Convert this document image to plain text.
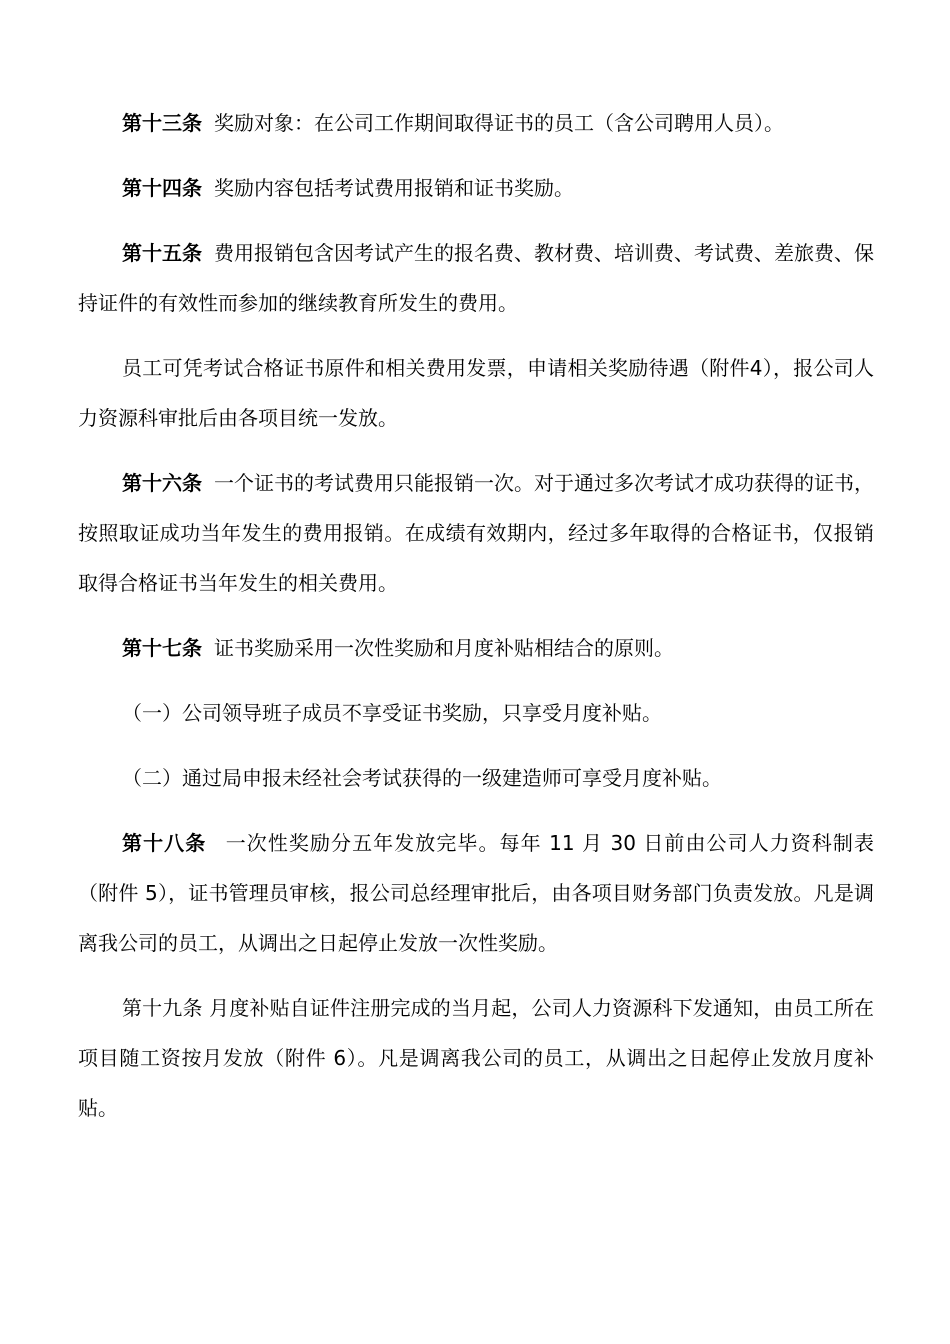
第十三条 奖励对象：在公司工作期间取得证书的员工（含公司聘用人员）。

第十四条 奖励内容包括考试费用报销和证书奖励。

第十五条 费用报销包含因考试产生的报名费、教材费、培训费、考试费、差旅费、保持证件的有效性而参加的继续教育所发生的费用。

员工可凭考试合格证书原件和相关费用发票，申请相关奖励待遇（附件4），报公司人力资源科审批后由各项目统一发放。

第十六条 一个证书的考试费用只能报销一次。对于通过多次考试才成功获得的证书，按照取证成功当年发生的费用报销。在成绩有效期内，经过多年取得的合格证书，仅报销取得合格证书当年发生的相关费用。

第十七条 证书奖励采用一次性奖励和月度补贴相结合的原则。

（一）公司领导班子成员不享受证书奖励，只享受月度补贴。

（二）通过局申报未经社会考试获得的一级建造师可享受月度补贴。

第十八条 一次性奖励分五年发放完毕。每年 11 月 30 日前由公司人力资科制表（附件 5），证书管理员审核，报公司总经理审批后，由各项目财务部门负责发放。凡是调离我公司的员工，从调出之日起停止发放一次性奖励。

第十九条 月度补贴自证件注册完成的当月起，公司人力资源科下发通知，由员工所在项目随工资按月发放（附件 6）。凡是调离我公司的员工，从调出之日起停止发放月度补贴。
